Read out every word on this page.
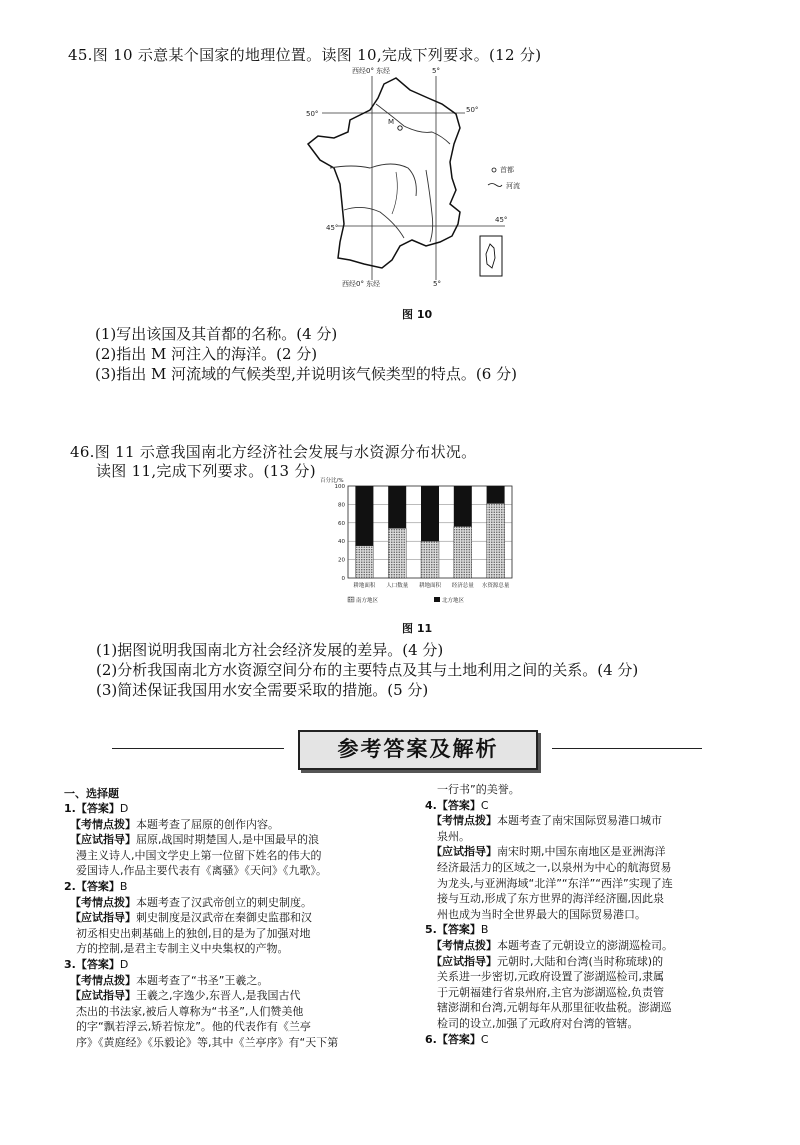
45.图 10 示意某个国家的地理位置。读图 10,完成下列要求。(12 分)
西经0° 东经	5°
50°	50°
45°
45°
M
西经0° 东经	5°
首都
河流
图 10
(1)写出该国及其首都的名称。(4 分)
(2)指出 M 河注入的海洋。(2 分)
(3)指出 M 河流域的气候类型,并说明该气候类型的特点。(6 分)
46.图 11 示意我国南北方经济社会发展与水资源分布状况。
读图 11,完成下列要求。(13 分)
0
20
40
60
80
100
耕地面积 人口数量 耕地面积 经济总量 水资源总量
百分比/%
南方地区	北方地区
图 11
(1)据图说明我国南北方社会经济发展的差异。(4 分)
(2)分析我国南北方水资源空间分布的主要特点及其与土地利用之间的关系。(4 分)
(3)简述保证我国用水安全需要采取的措施。(5 分)
参考答案及解析
一、选择题
1.【答案】D
【考情点拨】本题考查了屈原的创作内容。
【应试指导】屈原,战国时期楚国人,是中国最早的浪
漫主义诗人,中国文学史上第一位留下姓名的伟大的
爱国诗人,作品主要代表有《离骚》《天问》《九歌》。
2.【答案】B
【考情点拨】本题考查了汉武帝创立的刺史制度。
【应试指导】刺史制度是汉武帝在秦御史监郡和汉
初丞相史出刺基础上的独创,目的是为了加强对地
方的控制,是君主专制主义中央集权的产物。
3.【答案】D
【考情点拨】本题考查了“书圣”王羲之。
【应试指导】王羲之,字逸少,东晋人,是我国古代
杰出的书法家,被后人尊称为“书圣”,人们赞美他
的字“飘若浮云,矫若惊龙”。他的代表作有《兰亭
序》《黄庭经》《乐毅论》等,其中《兰亭序》有“天下第
一行书”的美誉。
4.【答案】C
【考情点拨】本题考查了南宋国际贸易港口城市
泉州。
【应试指导】南宋时期,中国东南地区是亚洲海洋
经济最活力的区域之一,以泉州为中心的航海贸易
为龙头,与亚洲海域“北洋”“东洋”“西洋”实现了连
接与互动,形成了东方世界的海洋经济圈,因此泉
州也成为当时全世界最大的国际贸易港口。
5.【答案】B
【考情点拨】本题考查了元朝设立的澎湖巡检司。
【应试指导】元朝时,大陆和台湾(当时称琉球)的
关系进一步密切,元政府设置了澎湖巡检司,隶属
于元朝福建行省泉州府,主官为澎湖巡检,负责管
辖澎湖和台湾,元朝每年从那里征收盐税。澎湖巡
检司的设立,加强了元政府对台湾的管辖。
6.【答案】C
